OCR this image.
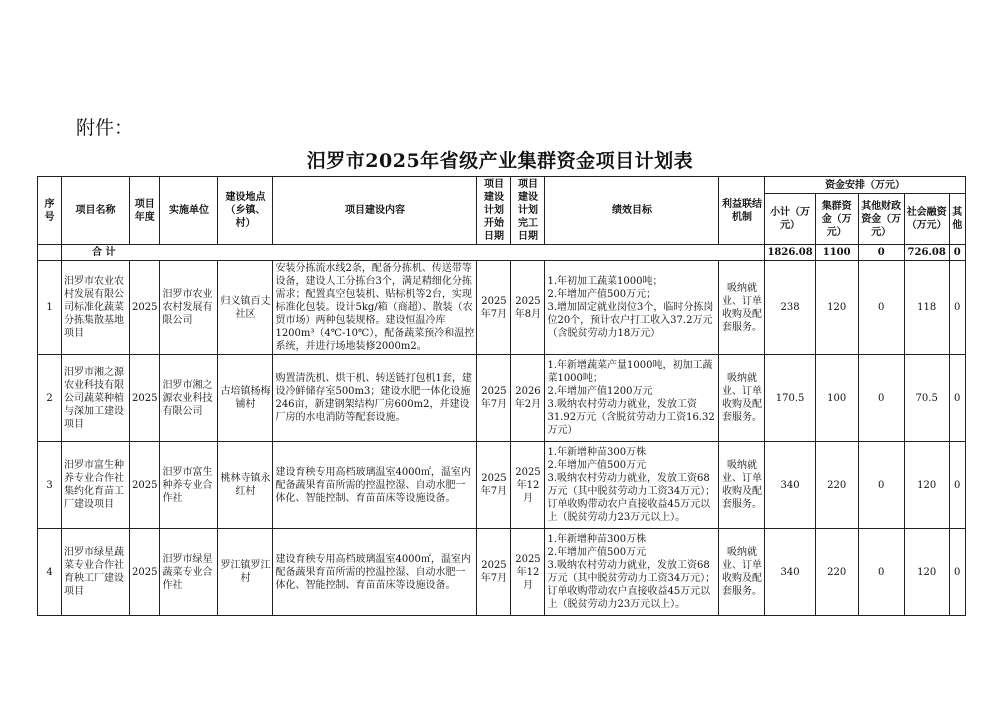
附件：
汨罗市2025年省级产业集群资金项目计划表
序号	项目名称	项目年度	实施单位	建设地点（乡镇、村）	项目建设内容	项目建设计划开始日期	项目建设计划完工日期	绩效目标	利益联结机制	资金安排（万元）				
										小计（万元）	集群资金（万元）	其他财政资金（万元）	社会融资（万元）	其他
	合 计									1826.08	1100	0	726.08	0
1	汨罗市农业农村发展有限公司标准化蔬菜分拣集散基地项目	2025	汨罗市农业农村发展有限公司	归义镇百丈社区	安装分拣流水线2条，配备分拣机、传送带等设备，建设人工分拣台3个，满足精细化分拣需求；配置真空包装机、贴标机等2台，实现标准化包装。设计5kg/箱（商超）、散装（农贸市场）两种包装规格。建设恒温冷库1200m³（4℃-10℃），配备蔬菜预冷和温控系统，并进行场地装修2000m2。	2025年7月	2025年8月	1.年初加工蔬菜1000吨；
2.年增加产值500万元；
3.增加固定就业岗位3个，临时分拣岗位20个，预计农户打工收入37.2万元（含脱贫劳动力18万元）	吸纳就业、订单收购及配套服务。	238	120	0	118	0
2	汨罗市湘之源农业科技有限公司蔬菜种植与深加工建设项目	2025	汨罗市湘之源农业科技有限公司	古培镇杨梅铺村	购置清洗机、烘干机、转送链打包机1套，建设冷鲜储存室500m3；建设水肥一体化设施246亩，新建钢架结构厂房600m2，并建设厂房的水电消防等配套设施。	2025年7月	2026年2月	1.年新增蔬菜产量1000吨，初加工蔬菜1000吨；
2.年增加产值1200万元
3.吸纳农村劳动力就业，发放工资31.92万元（含脱贫劳动力工资16.32万元）	吸纳就业、订单收购及配套服务。	170.5	100	0	70.5	0
3	汨罗市富生种养专业合作社集约化育苗工厂建设项目	2025	汨罗市富生种养专业合作社	桃林寺镇永红村	建设育秧专用高档玻璃温室4000㎡，温室内配备蔬果育苗所需的控温控湿、自动水肥一体化、智能控制、育苗苗床等设施设备。	2025年7月	2025年12月	1.年新增种苗300万株
2.年增加产值500万元
3.吸纳农村劳动力就业，发放工资68万元（其中脱贫劳动力工资34万元）；订单收购带动农户直接收益45万元以上（脱贫劳动力23万元以上）。	吸纳就业、订单收购及配套服务。	340	220	0	120	0
4	汨罗市绿星蔬菜专业合作社育秧工厂建设项目	2025	汨罗市绿星蔬菜专业合作社	罗江镇罗江村	建设育秧专用高档玻璃温室4000㎡，温室内配备蔬果育苗所需的控温控湿、自动水肥一体化、智能控制、育苗苗床等设施设备。	2025年7月	2025年12月	1.年新增种苗300万株
2.年增加产值500万元
3.吸纳农村劳动力就业，发放工资68万元（其中脱贫劳动力工资34万元）；订单收购带动农户直接收益45万元以上（脱贫劳动力23万元以上）。	吸纳就业、订单收购及配套服务。	340	220	0	120	0
